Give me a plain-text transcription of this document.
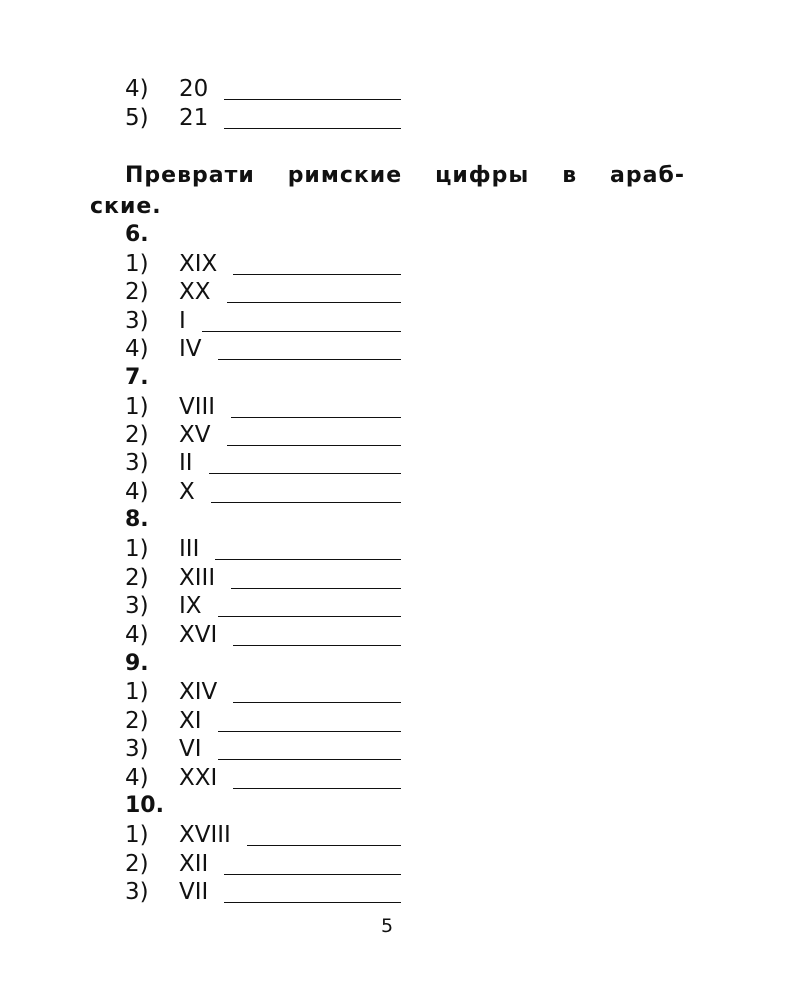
4)	20
5)	21
Преврати римские цифры в араб-
ские.
6.
1)	XIX
2)	XX
3)	I
4)	IV
7.
1)	VIII
2)	XV
3)	II
4)	X
8.
1)	III
2)	XIII
3)	IX
4)	XVI
9.
1)	XIV
2)	XI
3)	VI
4)	XXI
10.
1)	XVIII
2)	XII
3)	VII
5
